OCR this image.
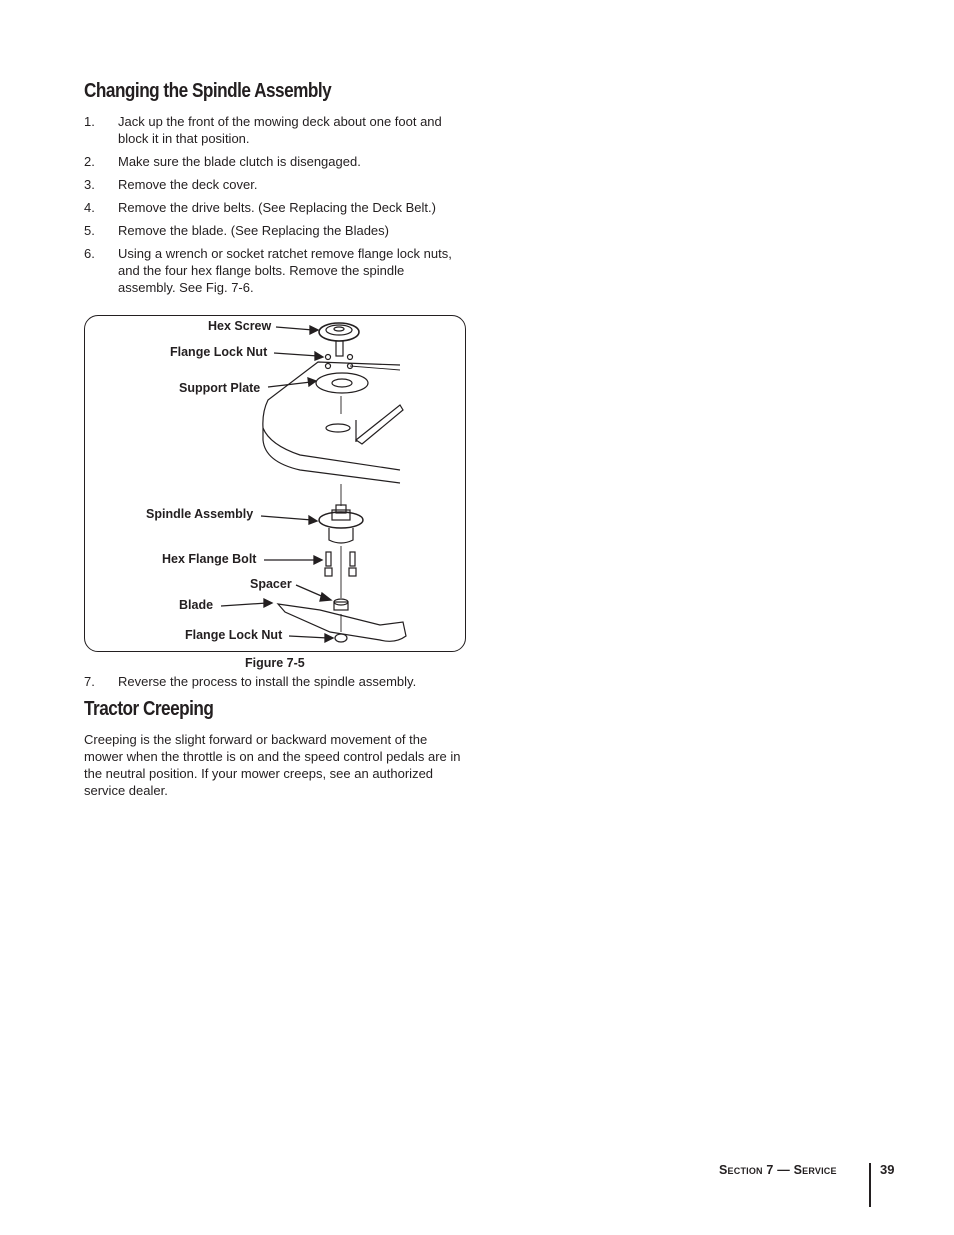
Changing the Spindle Assembly
1. Jack up the front of the mowing deck about one foot and block it in that position.
2. Make sure the blade clutch is disengaged.
3. Remove the deck cover.
4. Remove the drive belts. (See Replacing the Deck Belt.)
5. Remove the blade. (See Replacing the Blades)
6. Using a wrench or socket ratchet remove flange lock nuts, and the four hex flange bolts. Remove the spindle assembly. See Fig. 7-6.
Hex Screw
Flange Lock Nut
Support Plate
Spindle Assembly
Hex Flange Bolt
Spacer
Blade
Flange Lock Nut
Figure 7-5
7. Reverse the process to install the spindle assembly.
Tractor Creeping

Creeping is the slight forward or backward movement of the mower when the throttle is on and the speed control pedals are in the neutral position. If your mower creeps, see an authorized service dealer.

Section 7 — Service	39
